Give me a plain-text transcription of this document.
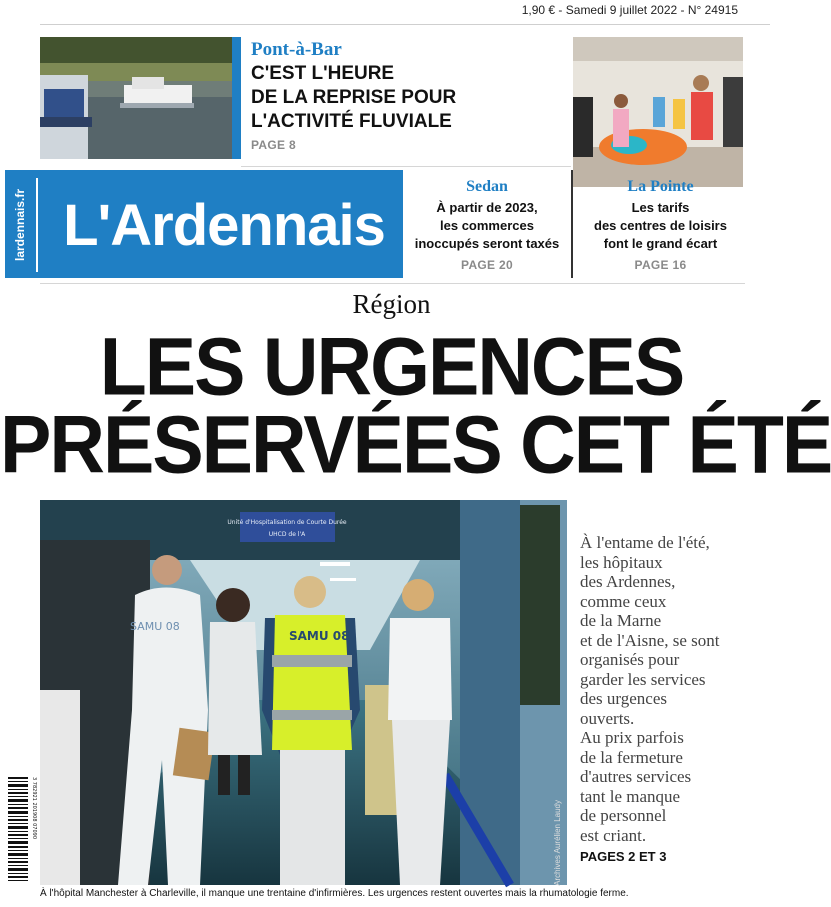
1,90 € - Samedi 9 juillet 2022 - N° 24915
Pont-à-Bar
C'EST L'HEURE
DE LA REPRISE POUR
L'ACTIVITÉ FLUVIALE
PAGE 8
lardennais.fr L'Ardennais
Sedan
À partir de 2023,
les commerces
inoccupés seront taxés
PAGE 20
La Pointe
Les tarifs
des centres de loisirs
font le grand écart
PAGE 16
Région
LES URGENCES
PRÉSERVÉES CET ÉTÉ
Unité d'Hospitalisation de Courte Durée
UHCD de l'A
SAMU 08
SAMU 08
Archives Aurélien Laudy

À l'entame de l'été,
les hôpitaux
des Ardennes,
comme ceux
de la Marne
et de l'Aisne, se sont
organisés pour
garder les services
des urgences
ouverts.
Au prix parfois
de la fermeture
d'autres services
tant le manque
de personnel
est criant.

PAGES 2 ET 3
3 782921 201908 07090
À l'hôpital Manchester à Charleville, il manque une trentaine d'infirmières. Les urgences restent ouvertes mais la rhumatologie ferme.
